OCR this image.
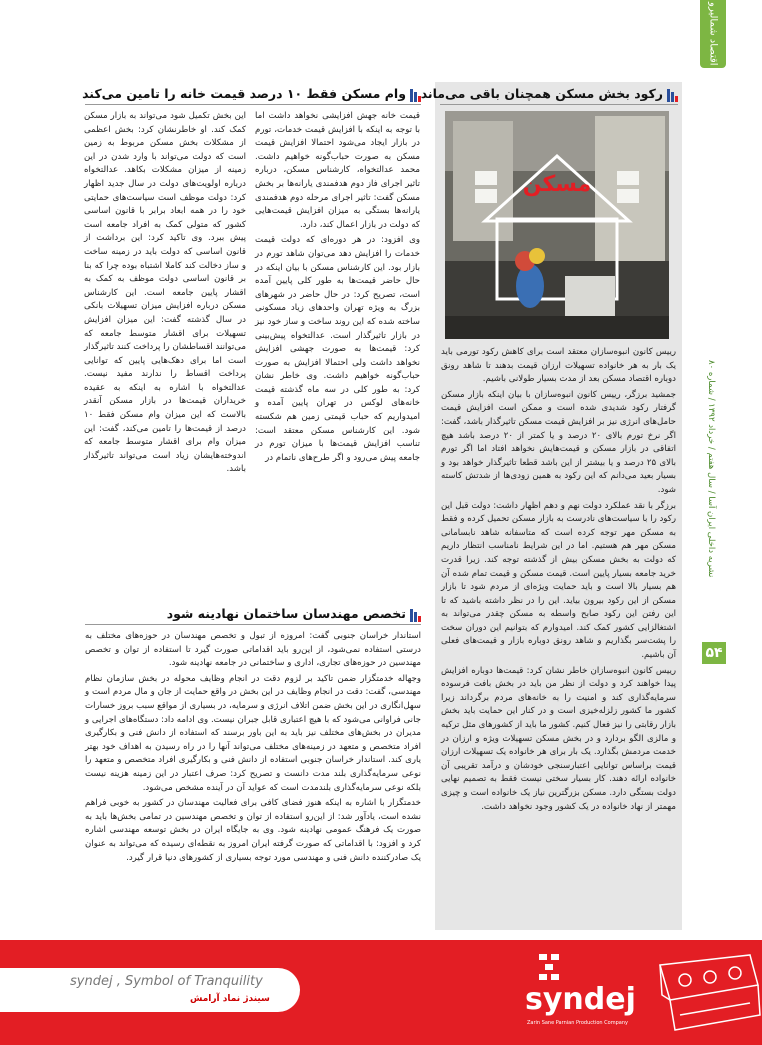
اقتصاد شمالیرو
نشریه داخلی ایران آسا / سال هفتم / خرداد ۱۳۹۲ / شماره ۸۰
۵۴
رکود بخش مسکن همچنان باقی می‌ماند
مسکن

رییس کانون انبوه‌سازان معتقد است برای کاهش رکود تورمی باید یک بار به هر خانواده تسهیلات ارزان قیمت بدهند تا شاهد رونق دوباره اقتصاد مسکن بعد از مدت بسیار طولانی باشیم.

جمشید برزگر، رییس کانون انبوه‌سازان با بیان اینکه بازار مسکن گرفتار رکود شدیدی شده است و ممکن است افزایش قیمت حامل‌های انرژی نیز بر افزایش قیمت مسکن تاثیرگذار باشد، گفت: اگر نرخ تورم بالای ۲۰ درصد و یا کمتر از ۲۰ درصد باشد هیچ اتفاقی در بازار مسکن و قیمت‌هایش نخواهد افتاد اما اگر تورم بالای ۲۵ درصد و یا بیشتر از این باشد قطعا تاثیرگذار خواهد بود و بسیار بعید می‌دانم که این رکود به همین زودی‌ها از شدتش کاسته شود.

برزگر با نقد عملکرد دولت نهم و دهم اظهار داشت: دولت قبل این رکود را با سیاست‌های نادرست به بازار مسکن تحمیل کرده و فقط به مسکن مهر توجه کرده است که متاسفانه شاهد نابسامانی مسکن مهر هم هستیم. اما در این شرایط نامناسب انتظار داریم که دولت به بخش مسکن بیش از گذشته توجه کند. زیرا قدرت خرید جامعه بسیار پایین است. قیمت مسکن و قیمت تمام شده آن هم بسیار بالا است و باید حمایت ویژه‌ای از مردم شود تا بازار مسکن از این رکود بیرون بیاید. این را در نظر داشته باشید که تا این رفتن این رکود صابح واسطه به مسکن چقدر می‌تواند به اشتغالزایی کشور کمک کند. امیدوارم که بتوانیم این دوران سخت را پشت‌سر بگذاریم و شاهد رونق دوباره بازار و قیمت‌های فعلی آن باشیم.

رییس کانون انبوه‌سازان خاطر نشان کرد: قیمت‌ها دوباره افزایش پیدا خواهند کرد و دولت از نظر من باید در بخش بافت فرسوده سرمایه‌گذاری کند و امنیت را به خانه‌های مردم برگرداند زیرا کشور ما کشور زلزله‌خیزی است و در کنار این حمایت باید بخش بازار رقابتی را نیز فعال کنیم. کشور ما باید از کشورهای مثل ترکیه و مالزی الگو بردارد و در بخش مسکن تسهیلات ویژه و ارزان در خدمت مردمش بگذارد. یک بار برای هر خانواده یک تسهیلات ارزان قیمت براساس توانایی اعتبارسنجی خودشان و درآمد تقریبی آن خانواده ارائه دهند. کار بسیار سختی نیست فقط به تصمیم نهایی دولت بستگی دارد. مسکن بزرگترین نیاز یک خانواده است و چیزی مهمتر از نهاد خانواده در یک کشور وجود نخواهد داشت.

وام مسکن فقط ۱۰ درصد قیمت خانه را تامین می‌کند

قیمت خانه جهش افزایشی نخواهد داشت اما با توجه به اینکه با افزایش قیمت خدمات، تورم در بازار ایجاد می‌شود احتمالا افزایش قیمت مسکن به صورت حباب‌گونه خواهیم داشت. محمد عدالتخواه، کارشناس مسکن، درباره تاثیر اجرای فاز دوم هدفمندی یارانه‌ها بر بخش مسکن گفت: تاثیر اجرای مرحله دوم هدفمندی یارانه‌ها بستگی به میزان افزایش قیمت‌هایی که دولت در بازار اعمال کند، دارد.

وی افزود: در هر دوره‌ای که دولت قیمت خدمات را افزایش دهد می‌توان شاهد تورم در بازار بود. این کارشناس مسکن با بیان اینکه در حال حاضر قیمت‌ها به طور کلی پایین آمده است، تصریح کرد: در حال حاضر در شهرهای بزرگ به ویژه تهران واحدهای زیاد مسکونی ساخته شده که این روند ساخت و ساز خود نیز در بازار تاثیرگذار است. عدالتخواه پیش‌بینی کرد: قیمت‌ها به صورت جهشی افزایش نخواهد داشت ولی احتمالا افزایش به صورت حباب‌گونه خواهیم داشت. وی خاطر نشان کرد: به طور کلی در سه ماه گذشته قیمت خانه‌های لوکس در تهران پایین آمده و امیدواریم که حباب قیمتی زمین هم شکسته شود. این کارشناس مسکن معتقد است: تناسب افزایش قیمت‌ها با میزان تورم در جامعه پیش می‌رود و اگر طرح‌های ناتمام در

این بخش تکمیل شود می‌تواند به بازار مسکن کمک کند. او خاطرنشان کرد: بخش اعظمی از مشکلات بخش مسکن مربوط به زمین است که دولت می‌تواند با وارد شدن در این زمینه از میزان مشکلات بکاهد. عدالتخواه درباره اولویت‌های دولت در سال جدید اظهار کرد: دولت موظف است سیاست‌های حمایتی خود را در همه ابعاد برابر با قانون اساسی کشور که متولی کمک به افراد جامعه است پیش ببرد. وی تاکید کرد: این برداشت از قانون اساسی که دولت باید در زمینه ساخت و ساز دخالت کند کاملا اشتباه بوده چرا که بنا بر قانون اساسی دولت موظف به کمک به اقشار پایین جامعه است. این کارشناس مسکن درباره افزایش میزان تسهیلات بانکی در سال گذشته گفت: این میزان افزایش تسهیلات برای اقشار متوسط جامعه که می‌توانند اقساطشان را پرداخت کنند تاثیرگذار است اما برای دهک‌هایی پایین که توانایی پرداخت اقساط را ندارند مفید نیست. عدالتخواه با اشاره به اینکه به عقیده خریداران قیمت‌ها در بازار مسکن آنقدر بالاست که این میزان وام مسکن فقط ۱۰ درصد از قیمت‌ها را تامین می‌کند، گفت: این میزان وام برای اقشار متوسط جامعه که اندوخته‌هایشان زیاد است می‌تواند تاثیرگذار باشد.

تخصص مهندسان ساختمان نهادینه شود

استاندار خراسان جنوبی گفت: امروزه از تبول و تخصص مهندسان در حوزه‌های مختلف به درستی استفاده نمی‌شود، از این‌رو باید اقداماتی صورت گیرد تا استفاده از توان و تخصص مهندسین در حوزه‌های تجاری، اداری و ساختمانی در جامعه نهادینه شود.

وجهاله خدمتگزار ضمن تاکید بر لزوم دقت در انجام وظایف محوله در بخش سازمان نظام مهندسی، گفت: دقت در انجام وظایف در این بخش در واقع حمایت از جان و مال مردم است و سهل‌انگاری در این بخش ضمن اتلاف انرژی و سرمایه، در بسیاری از مواقع سبب بروز خسارات جانی فراوانی می‌شود که با هیچ اعتباری قابل جبران نیست. وی ادامه داد: دستگاه‌های اجرایی و مدیران در بخش‌های مختلف نیز باید به این باور برسند که استفاده از دانش فنی و بکارگیری افراد متخصص و متعهد در زمینه‌های مختلف می‌تواند آنها را در راه رسیدن به اهداف خود بهتر یاری کند. استاندار خراسان جنوبی استفاده از دانش فنی و بکارگیری افراد متخصص و متعهد را نوعی سرمایه‌گذاری بلند مدت دانست و تصریح کرد: صرف اعتبار در این زمینه هزینه نیست بلکه نوعی سرمایه‌گذاری بلندمدت است که عواید آن در آینده مشخص می‌شود.

خدمتگزار با اشاره به اینکه هنوز فضای کافی برای فعالیت مهندسان در کشور به خوبی فراهم نشده است، یادآور شد: از این‌رو استفاده از توان و تخصص مهندسین در تمامی بخش‌ها باید به صورت یک فرهنگ عمومی نهادینه شود. وی به جایگاه ایران در بخش توسعه مهندسی اشاره کرد و افزود: با اقداماتی که صورت گرفته ایران امروز به نقطه‌ای رسیده که می‌تواند به عنوان یک صادرکننده دانش فنی و مهندسی مورد توجه بسیاری از کشورهای دنیا قرار گیرد.

syndej , Symbol of Tranquility
سیندژ نماد آرامش	syndej
Zarin Sane Parnian Production Company
